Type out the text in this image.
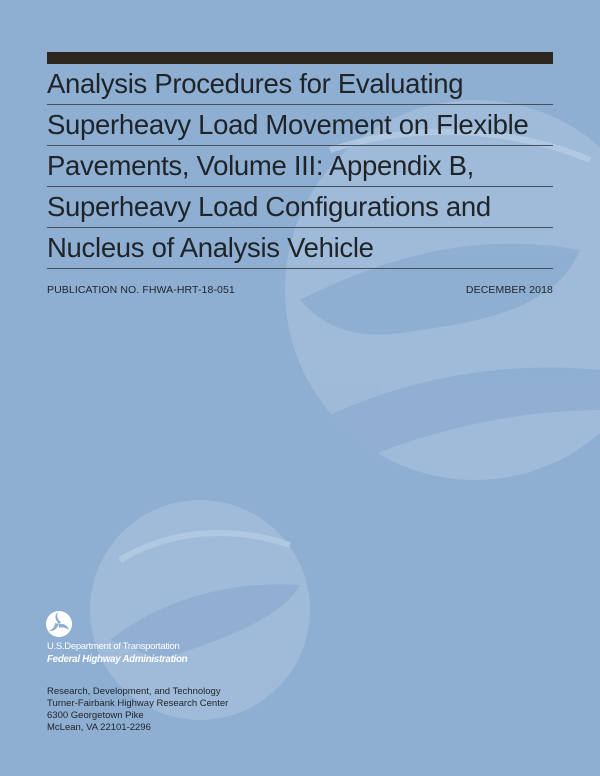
Analysis Procedures for Evaluating
Superheavy Load Movement on Flexible
Pavements, Volume III: Appendix B,
Superheavy Load Configurations and
Nucleus of Analysis Vehicle
PUBLICATION NO. FHWA-HRT-18-051	DECEMBER 2018
U.S.Department of Transportation
Federal Highway Administration
Research, Development, and Technology
Turner-Fairbank Highway Research Center
6300 Georgetown Pike
McLean, VA 22101-2296
